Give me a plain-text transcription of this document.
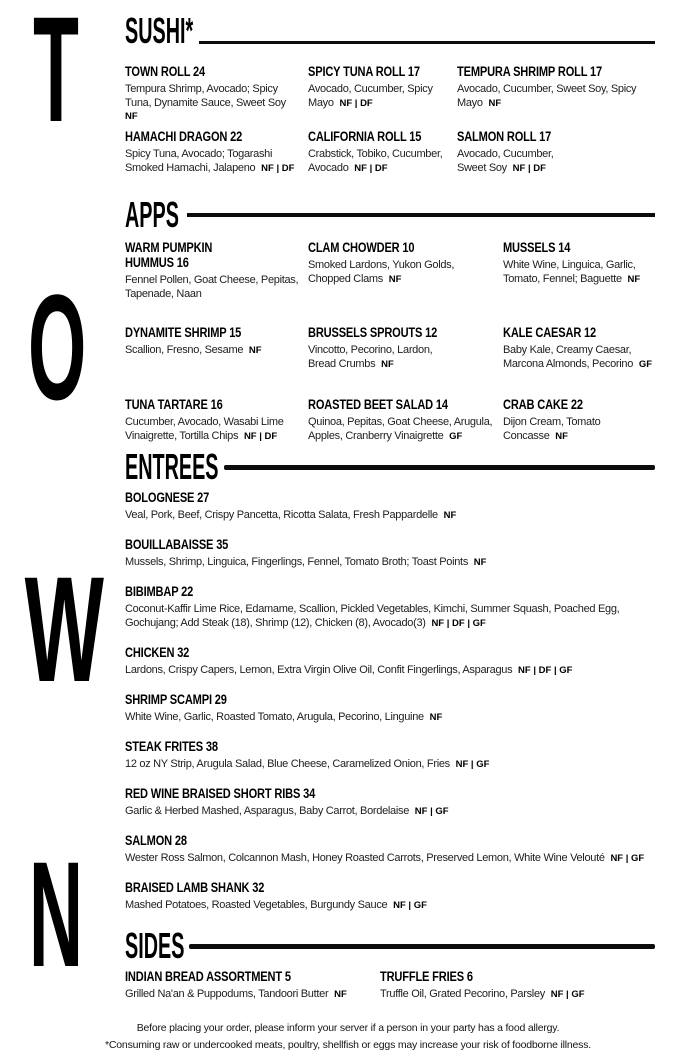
T
O
W
N
SUSHI*
TOWN ROLL 24
Tempura Shrimp, Avocado; Spicy
Tuna, Dynamite Sauce, Sweet Soy
NF
SPICY TUNA ROLL 17
Avocado, Cucumber, Spicy
Mayo NF | DF
TEMPURA SHRIMP ROLL 17
Avocado, Cucumber, Sweet Soy, Spicy
Mayo NF
HAMACHI DRAGON 22
Spicy Tuna, Avocado; Togarashi
Smoked Hamachi, Jalapeno NF | DF
CALIFORNIA ROLL 15
Crabstick, Tobiko, Cucumber,
Avocado NF | DF
SALMON ROLL 17
Avocado, Cucumber,
Sweet Soy NF | DF
APPS
WARM PUMPKIN
HUMMUS 16
Fennel Pollen, Goat Cheese, Pepitas,
Tapenade, Naan
CLAM CHOWDER 10
Smoked Lardons, Yukon Golds,
Chopped Clams NF
MUSSELS 14
White Wine, Linguica, Garlic,
Tomato, Fennel; Baguette NF
DYNAMITE SHRIMP 15
Scallion, Fresno, Sesame NF
BRUSSELS SPROUTS 12
Vincotto, Pecorino, Lardon,
Bread Crumbs NF
KALE CAESAR 12
Baby Kale, Creamy Caesar,
Marcona Almonds, Pecorino GF
TUNA TARTARE 16
Cucumber, Avocado, Wasabi Lime
Vinaigrette, Tortilla Chips NF | DF
ROASTED BEET SALAD 14
Quinoa, Pepitas, Goat Cheese, Arugula,
Apples, Cranberry Vinaigrette GF
CRAB CAKE 22
Dijon Cream, Tomato
Concasse NF
ENTREES
BOLOGNESE 27
Veal, Pork, Beef, Crispy Pancetta, Ricotta Salata, Fresh Pappardelle NF
BOUILLABAISSE 35
Mussels, Shrimp, Linguica, Fingerlings, Fennel, Tomato Broth; Toast Points NF
BIBIMBAP 22
Coconut-Kaffir Lime Rice, Edamame, Scallion, Pickled Vegetables, Kimchi, Summer Squash, Poached Egg,
Gochujang; Add Steak (18), Shrimp (12), Chicken (8), Avocado(3) NF | DF | GF
CHICKEN 32
Lardons, Crispy Capers, Lemon, Extra Virgin Olive Oil, Confit Fingerlings, Asparagus NF | DF | GF
SHRIMP SCAMPI 29
White Wine, Garlic, Roasted Tomato, Arugula, Pecorino, Linguine NF
STEAK FRITES 38
12 oz NY Strip, Arugula Salad, Blue Cheese, Caramelized Onion, Fries NF | GF
RED WINE BRAISED SHORT RIBS 34
Garlic & Herbed Mashed, Asparagus, Baby Carrot, Bordelaise NF | GF
SALMON 28
Wester Ross Salmon, Colcannon Mash, Honey Roasted Carrots, Preserved Lemon, White Wine Velouté NF | GF
BRAISED LAMB SHANK 32
Mashed Potatoes, Roasted Vegetables, Burgundy Sauce NF | GF
SIDES
INDIAN BREAD ASSORTMENT 5
Grilled Na'an & Puppodums, Tandoori Butter NF
TRUFFLE FRIES 6
Truffle Oil, Grated Pecorino, Parsley NF | GF
Before placing your order, please inform your server if a person in your party has a food allergy.
*Consuming raw or undercooked meats, poultry, shellfish or eggs may increase your risk of foodborne illness.
